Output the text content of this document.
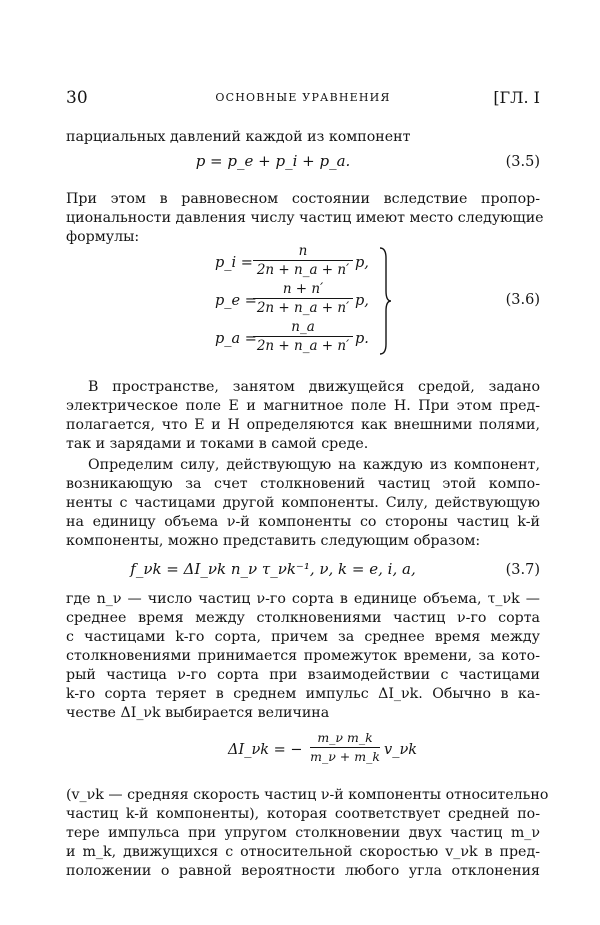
30	ОСНОВНЫЕ УРАВНЕНИЯ	[ГЛ. I

парциальных давлений каждой из компонент

p = p_e + p_i + p_a.	(3.5)

При этом в равновесном состоянии вследствие пропор-
циональности давления числу частиц имеют место следующие
формулы:

p_i =
n
2n + n_a + n′ p,
p_e =
n + n′
2n + n_a + n′ p,
p_a =
n_a
2n + n_a + n′ p.
(3.6)

В пространстве, занятом движущейся средой, задано
электрическое поле E и магнитное поле H. При этом пред-
полагается, что E и H определяются как внешними полями,
так и зарядами и токами в самой среде.

Определим силу, действующую на каждую из компонент,
возникающую за счет столкновений частиц этой компо-
ненты с частицами другой компоненты. Силу, действующую
на единицу объема ν-й компоненты со стороны частиц k-й
компоненты, можно представить следующим образом:

f_νk = ΔI_νk n_ν τ_νk⁻¹, ν, k = e, i, a,	(3.7)

где n_ν — число частиц ν-го сорта в единице объема, τ_νk —
среднее время между столкновениями частиц ν-го сорта
с частицами k-го сорта, причем за среднее время между
столкновениями принимается промежуток времени, за кото-
рый частица ν-го сорта при взаимодействии с частицами
k-го сорта теряет в среднем импульс ΔI_νk. Обычно в ка-
честве ΔI_νk выбирается величина

ΔI_νk = −
m_ν m_k
m_ν + m_k v_νk

(v_νk — средняя скорость частиц ν-й компоненты относительно
частиц k-й компоненты), которая соответствует средней по-
тере импульса при упругом столкновении двух частиц m_ν
и m_k, движущихся с относительной скоростью v_νk в пред-
положении о равной вероятности любого угла отклонения
